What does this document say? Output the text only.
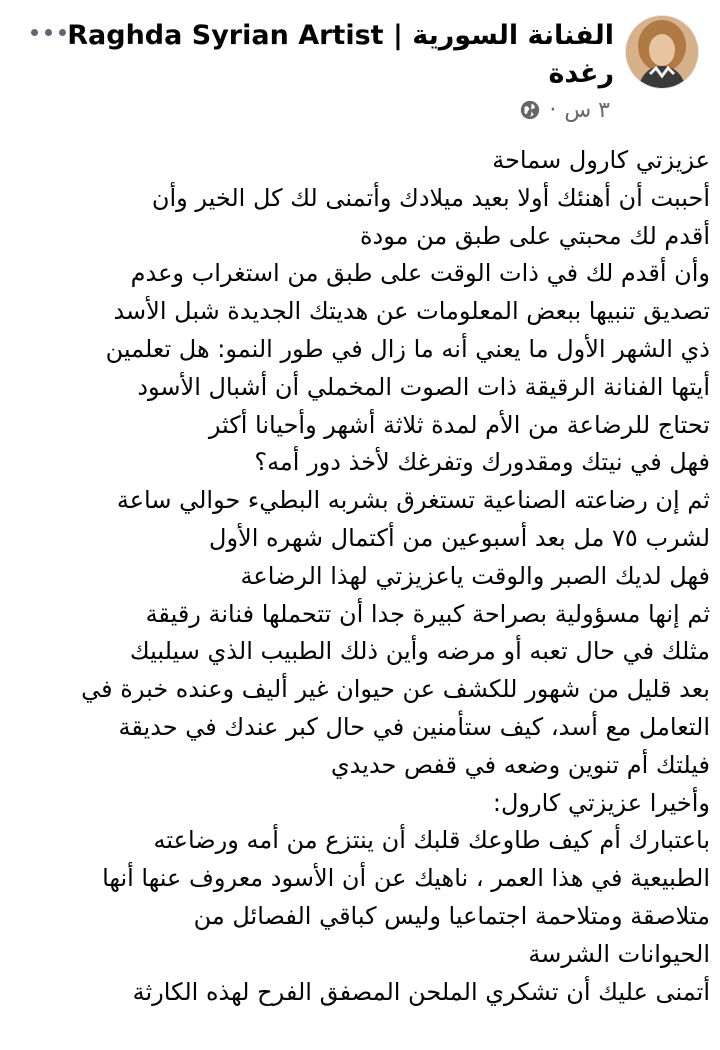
الفنانة السورية | Raghda Syrian Artist
رغدة
٣ س
·

عزيزتي كارول سماحة

أحببت أن أهنئك أولا بعيد ميلادك وأتمنى لك كل الخير وأن

أقدم لك محبتي على طبق من مودة

وأن أقدم لك في ذات الوقت على طبق من استغراب وعدم

تصديق تنبيها ببعض المعلومات عن هديتك الجديدة شبل الأسد

ذي الشهر الأول ما يعني أنه ما زال في طور النمو: هل تعلمين

أيتها الفنانة الرقيقة ذات الصوت المخملي أن أشبال الأسود

تحتاج للرضاعة من الأم لمدة ثلاثة أشهر وأحيانا أكثر

فهل في نيتك ومقدورك وتفرغك لأخذ دور أمه؟

ثم إن رضاعته الصناعية تستغرق بشربه البطيء حوالي ساعة

لشرب ٧٥ مل بعد أسبوعين من أكتمال شهره الأول

فهل لديك الصبر والوقت ياعزيزتي لهذا الرضاعة

ثم إنها مسؤولية بصراحة كبيرة جدا أن تتحملها فنانة رقيقة

مثلك في حال تعبه أو مرضه وأين ذلك الطبيب الذي سيلبيك

بعد قليل من شهور للكشف عن حيوان غير أليف وعنده خبرة في

التعامل مع أسد، كيف ستأمنين في حال كبر عندك في حديقة

فيلتك أم تنوين وضعه في قفص حديدي

وأخيرا عزيزتي كارول:

باعتبارك أم كيف طاوعك قلبك أن ينتزع من أمه ورضاعته

الطبيعية في هذا العمر ، ناهيك عن أن الأسود معروف عنها أنها

متلاصقة ومتلاحمة اجتماعيا وليس كباقي الفصائل من

الحيوانات الشرسة

أتمنى عليك أن تشكري الملحن المصفق الفرح لهذه الكارثة
